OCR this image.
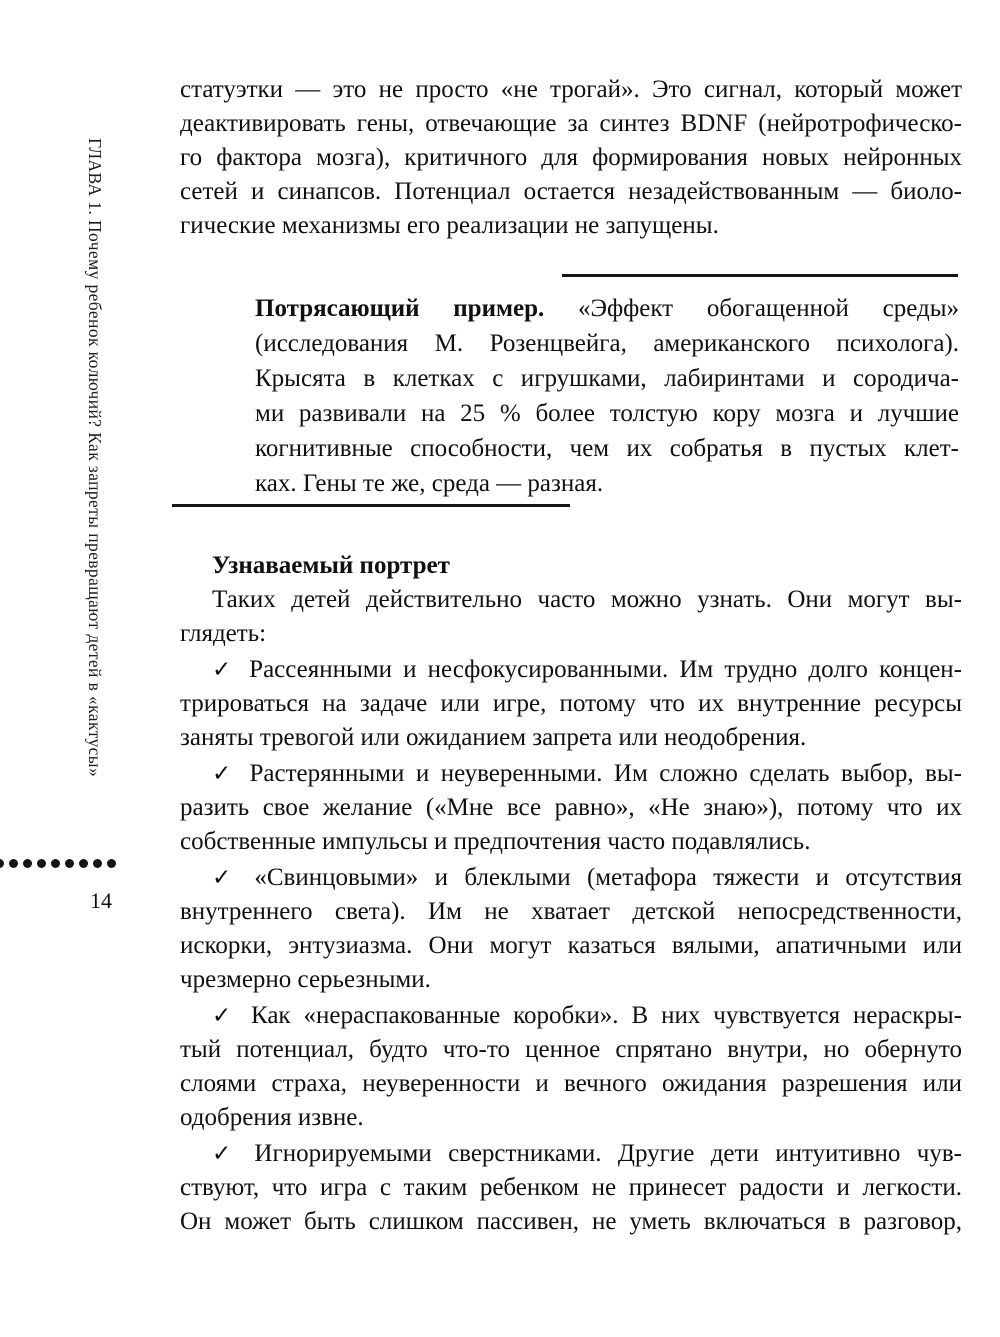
ГЛАВА 1. Почему ребенок колючий? Как запреты превращают детей в «кактусы»
14
статуэтки — это не просто «не трогай». Это сигнал, который может
деактивировать гены, отвечающие за синтез BDNF (нейротрофическо-
го фактора мозга), критичного для формирования новых нейронных
сетей и синапсов. Потенциал остается незадействованным — биоло-
гические механизмы его реализации не запущены.
Потрясающий пример. «Эффект обогащенной среды»
(исследования М. Розенцвейга, американского психолога).
Крысята в клетках с игрушками, лабиринтами и сородича-
ми развивали на 25 % более толстую кору мозга и лучшие
когнитивные способности, чем их собратья в пустых клет-
ках. Гены те же, среда — разная.
Узнаваемый портрет
Таких детей действительно часто можно узнать. Они могут вы-
глядеть:
✓ Рассеянными и несфокусированными. Им трудно долго концен-
трироваться на задаче или игре, потому что их внутренние ресурсы
заняты тревогой или ожиданием запрета или неодобрения.
✓ Растерянными и неуверенными. Им сложно сделать выбор, вы-
разить свое желание («Мне все равно», «Не знаю»), потому что их
собственные импульсы и предпочтения часто подавлялись.
✓ «Свинцовыми» и блеклыми (метафора тяжести и отсутствия
внутреннего света). Им не хватает детской непосредственности,
искорки, энтузиазма. Они могут казаться вялыми, апатичными или
чрезмерно серьезными.
✓ Как «нераспакованные коробки». В них чувствуется нераскры-
тый потенциал, будто что-то ценное спрятано внутри, но обернуто
слоями страха, неуверенности и вечного ожидания разрешения или
одобрения извне.
✓ Игнорируемыми сверстниками. Другие дети интуитивно чув-
ствуют, что игра с таким ребенком не принесет радости и легкости.
Он может быть слишком пассивен, не уметь включаться в разговор,
